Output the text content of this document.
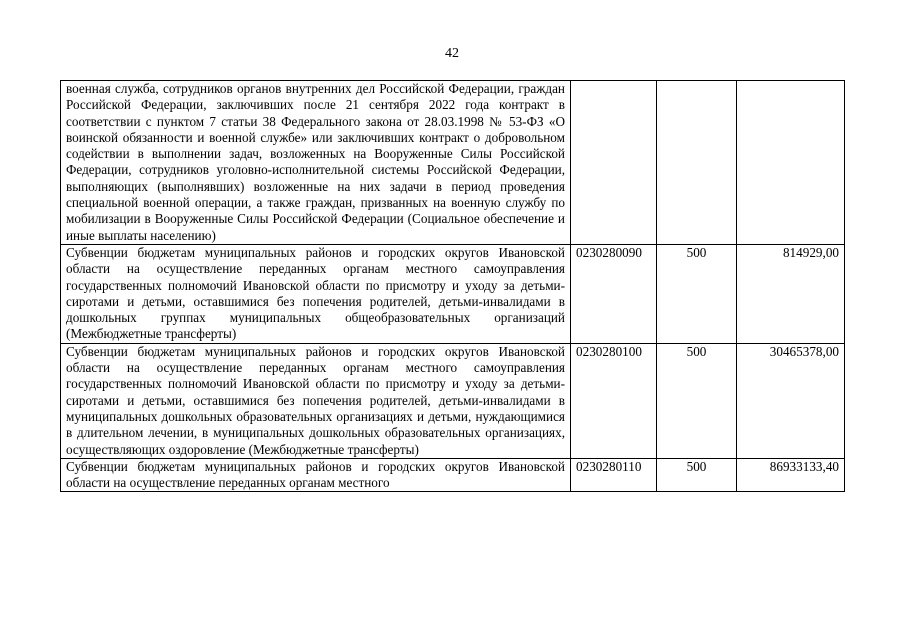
42
военная служба, сотрудников органов внутренних дел Российской Федерации, граждан Российской Федерации, заключивших после 21 сентября 2022 года контракт в соответствии с пунктом 7 статьи 38 Федерального закона от 28.03.1998 № 53-ФЗ «О воинской обязанности и военной службе» или заключивших контракт о добровольном содействии в выполнении задач, возложенных на Вооруженные Силы Российской Федерации, сотрудников уголовно-исполнительной системы Российской Федерации, выполняющих (выполнявших) возложенные на них задачи в период проведения специальной военной операции, а также граждан, призванных на военную службу по мобилизации в Вооруженные Силы Российской Федерации (Социальное обеспечение и иные выплаты населению)			
Субвенции бюджетам муниципальных районов и городских округов Ивановской области на осуществление переданных органам местного самоуправления государственных полномочий Ивановской области по присмотру и уходу за детьми-сиротами и детьми, оставшимися без попечения родителей, детьми-инвалидами в дошкольных группах муниципальных общеобразовательных организаций (Межбюджетные трансферты)	0230280090	500	814929,00
Субвенции бюджетам муниципальных районов и городских округов Ивановской области на осуществление переданных органам местного самоуправления государственных полномочий Ивановской области по присмотру и уходу за детьми-сиротами и детьми, оставшимися без попечения родителей, детьми-инвалидами в муниципальных дошкольных образовательных организациях и детьми, нуждающимися в длительном лечении, в муниципальных дошкольных образовательных организациях, осуществляющих оздоровление (Межбюджетные трансферты)	0230280100	500	30465378,00
Субвенции бюджетам муниципальных районов и городских округов Ивановской области на осуществление переданных органам местного	0230280110	500	86933133,40
